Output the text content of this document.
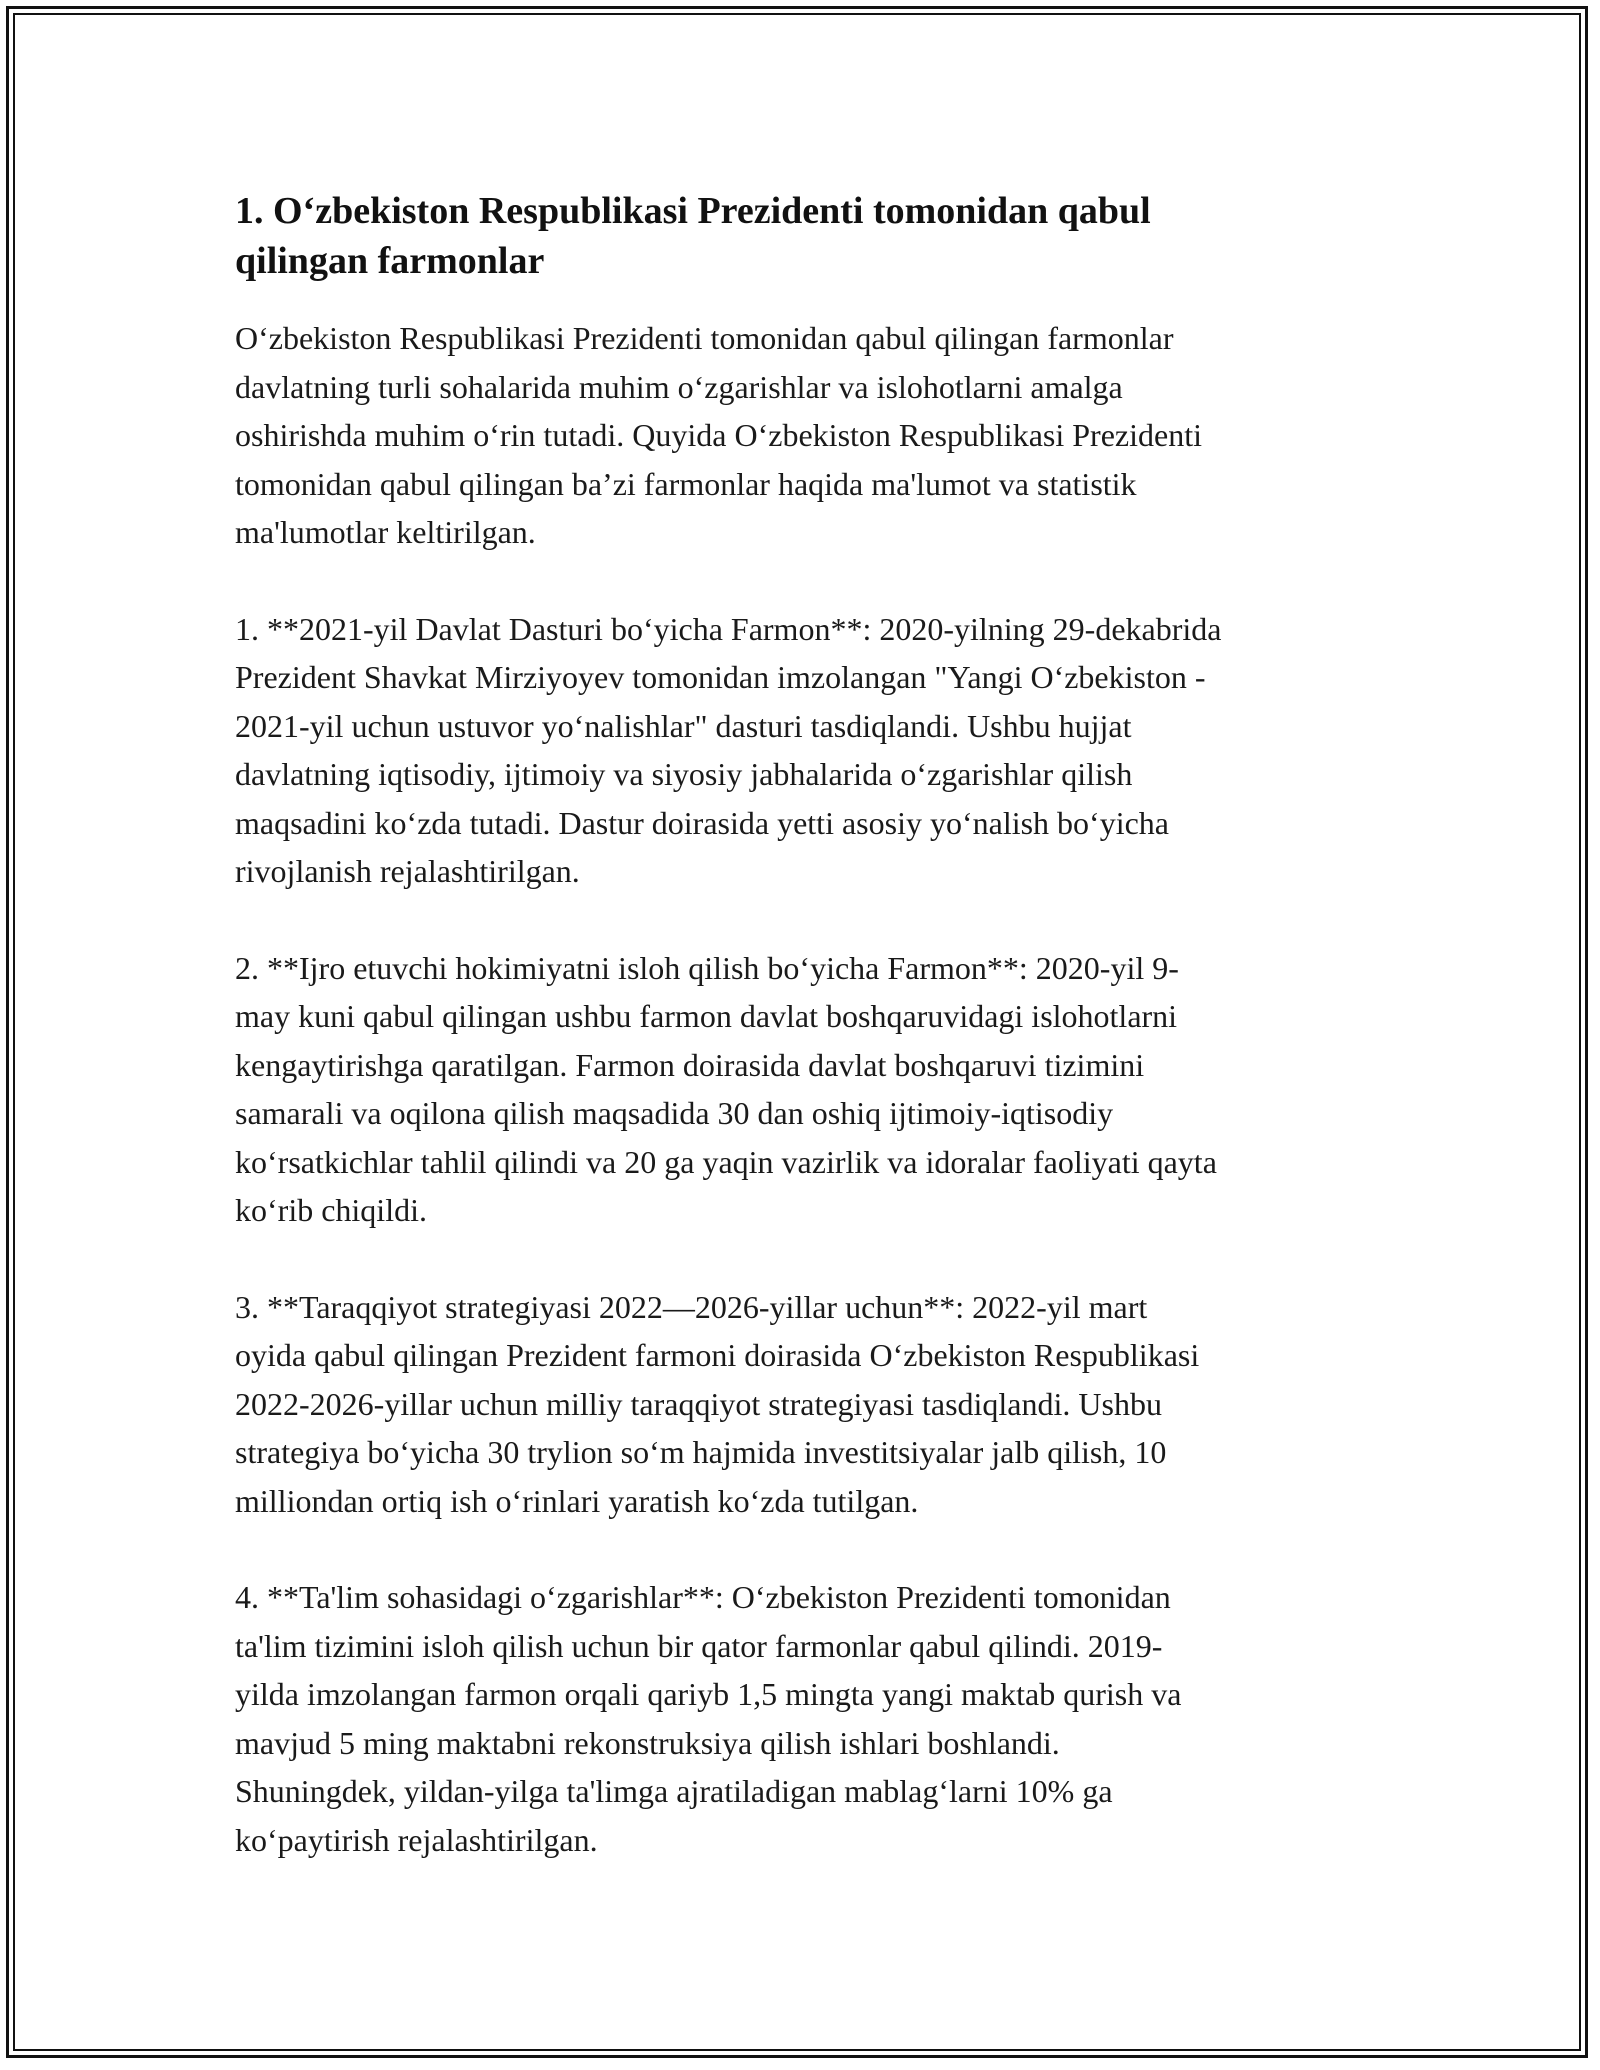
1. O‘zbekiston Respublikasi Prezidenti tomonidan qabul
qilingan farmonlar

O‘zbekiston Respublikasi Prezidenti tomonidan qabul qilingan farmonlar
davlatning turli sohalarida muhim o‘zgarishlar va islohotlarni amalga
oshirishda muhim o‘rin tutadi. Quyida O‘zbekiston Respublikasi Prezidenti
tomonidan qabul qilingan ba’zi farmonlar haqida ma'lumot va statistik
ma'lumotlar keltirilgan.

1. **2021-yil Davlat Dasturi bo‘yicha Farmon**: 2020-yilning 29-dekabrida
Prezident Shavkat Mirziyoyev tomonidan imzolangan "Yangi O‘zbekiston -
2021-yil uchun ustuvor yo‘nalishlar" dasturi tasdiqlandi. Ushbu hujjat
davlatning iqtisodiy, ijtimoiy va siyosiy jabhalarida o‘zgarishlar qilish
maqsadini ko‘zda tutadi. Dastur doirasida yetti asosiy yo‘nalish bo‘yicha
rivojlanish rejalashtirilgan.

2. **Ijro etuvchi hokimiyatni isloh qilish bo‘yicha Farmon**: 2020-yil 9-
may kuni qabul qilingan ushbu farmon davlat boshqaruvidagi islohotlarni
kengaytirishga qaratilgan. Farmon doirasida davlat boshqaruvi tizimini
samarali va oqilona qilish maqsadida 30 dan oshiq ijtimoiy-iqtisodiy
ko‘rsatkichlar tahlil qilindi va 20 ga yaqin vazirlik va idoralar faoliyati qayta
ko‘rib chiqildi.

3. **Taraqqiyot strategiyasi 2022—2026-yillar uchun**: 2022-yil mart
oyida qabul qilingan Prezident farmoni doirasida O‘zbekiston Respublikasi
2022-2026-yillar uchun milliy taraqqiyot strategiyasi tasdiqlandi. Ushbu
strategiya bo‘yicha 30 trylion so‘m hajmida investitsiyalar jalb qilish, 10
milliondan ortiq ish o‘rinlari yaratish ko‘zda tutilgan.

4. **Ta'lim sohasidagi o‘zgarishlar**: O‘zbekiston Prezidenti tomonidan
ta'lim tizimini isloh qilish uchun bir qator farmonlar qabul qilindi. 2019-
yilda imzolangan farmon orqali qariyb 1,5 mingta yangi maktab qurish va
mavjud 5 ming maktabni rekonstruksiya qilish ishlari boshlandi.
Shuningdek, yildan-yilga ta'limga ajratiladigan mablag‘larni 10% ga
ko‘paytirish rejalashtirilgan.
